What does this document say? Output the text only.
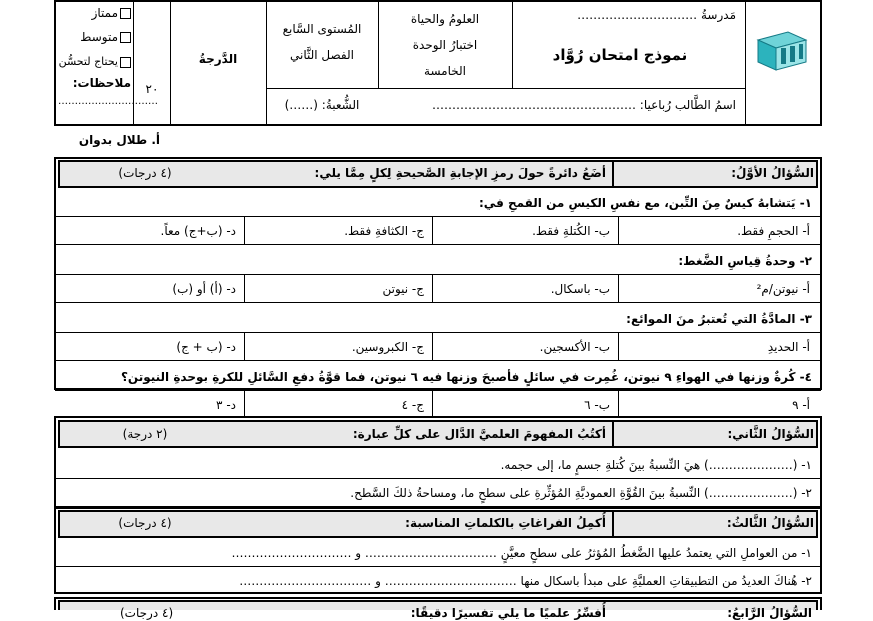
مَدرسةُ …………………………
نموذج امتحان رُوَّاد
اسمُ الطَّالب رُباعيا: ……………………………………………
العلومُ والحياة
اختبارُ الوحدة
الخامسة
المُستوى السَّابع
الفصل الثَّاني
الشُّعبةُ: (……)
الدَّرجةُ
٢٠
ممتاز
متوسط
يحتاج لتحسُّن
ملاحظات:
…………………………
أ. طلال بدوان
السُّؤالُ الأوَّلُ:
أضَعُ دائرةً حولَ رمزِ الإجابةِ الصَّحيحةِ لِكلٍ مِمَّا يلي:
(٤ درجات)
١- يَتشابهُ كيسٌ مِنَ التِّبن، مع نفسِ الكيسِ من القمحِ في:
أ- الحجمِ فقط.
ب- الكُتلةِ فقط.
ج- الكثافةِ فقط.
د- (ب+ج) معاً.
٢- وحدةُ قِياسِ الضَّغط:
أ- نيوتن/م²
ب- باسكال.
ج- نيوتن
د- (أ) أو (ب)
٣- المادَّةُ التي تُعتبرُ منَ الموائع:
أ- الحديدِ
ب- الأكسجين.
ج- الكبروسين.
د- (ب + ج)
٤- كُرةٌ وزنها في الهواءِ ٩ نيوتن، غُمِرت في سائلٍ فأصبحَ وزنها فيه ٦ نيوتن، فما قوَّةُ دفعِ السَّائلِ للكرةِ بوحدةِ النيوتن؟
أ- ٩
ب- ٦
ج- ٤
د- ٣
السُّؤالُ الثَّاني:
أكتُبُ المفهومَ العلميَّ الدَّال على كلِّ عبارة:
(٢ درجة)
١- (…………………) هيَ النِّسبةُ بينَ كُتلةِ جسمٍ ما، إلى حجمه.
٢- (…………………) النِّسبةُ بينَ القُوَّةِ العموديَّةِ المُؤثِّرةِ على سطحٍ ما، ومساحةُ ذلكَ السَّطح.
السُّؤالُ الثَّالثُ:
أُكمِلُ الفراغاتِ بالكلماتِ المناسبة:
(٤ درجات)
١- من العواملِ التي يعتمدُ عليها الضَّغطُ المُؤثرُ على سطحٍ معيَّنٍ …………………………… و …………………………
٢- هُناكَ العديدُ من التطبيقاتِ العمليَّةِ على مبدأ باسكال منها …………………………… و ……………………………
السُّؤالُ الرَّابعُ:
أُفسِّرُ علميًا ما يلي تفسيرًا دقيقًا:
(٤ درجات)
